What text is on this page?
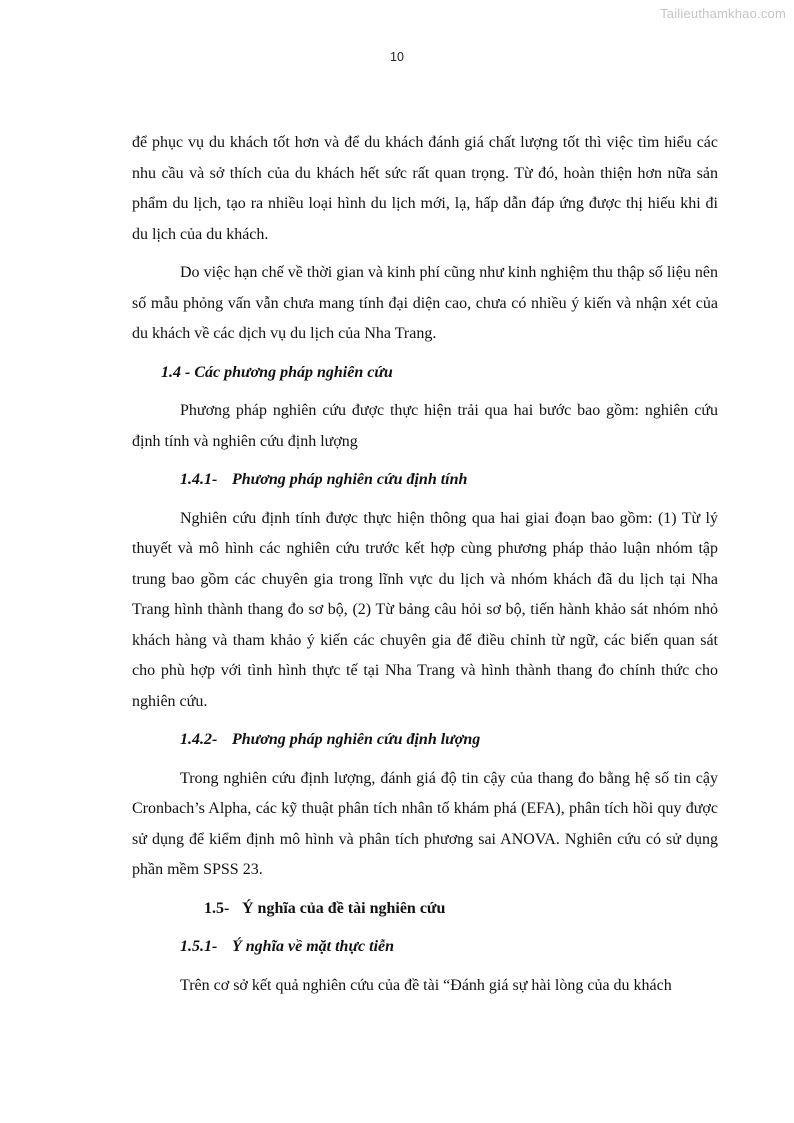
Tailieuthamkhao.com
10

để phục vụ du khách tốt hơn và để du khách đánh giá chất lượng tốt thì việc tìm hiểu các nhu cầu và sở thích của du khách hết sức rất quan trọng. Từ đó, hoàn thiện hơn nữa sản phẩm du lịch, tạo ra nhiều loại hình du lịch mới, lạ, hấp dẫn đáp ứng được thị hiếu khi đi du lịch của du khách.

Do việc hạn chế về thời gian và kinh phí cũng như kinh nghiệm thu thập số liệu nên số mẫu phỏng vấn vẫn chưa mang tính đại diện cao, chưa có nhiều ý kiến và nhận xét của du khách về các dịch vụ du lịch của Nha Trang.

1.4 - Các phương pháp nghiên cứu

Phương pháp nghiên cứu được thực hiện trải qua hai bước bao gồm: nghiên cứu định tính và nghiên cứu định lượng

1.4.1- Phương pháp nghiên cứu định tính

Nghiên cứu định tính được thực hiện thông qua hai giai đoạn bao gồm: (1) Từ lý thuyết và mô hình các nghiên cứu trước kết hợp cùng phương pháp thảo luận nhóm tập trung bao gồm các chuyên gia trong lĩnh vực du lịch và nhóm khách đã du lịch tại Nha Trang hình thành thang đo sơ bộ, (2) Từ bảng câu hỏi sơ bộ, tiến hành khảo sát nhóm nhỏ khách hàng và tham khảo ý kiến các chuyên gia để điều chỉnh từ ngữ, các biến quan sát cho phù hợp với tình hình thực tế tại Nha Trang và hình thành thang đo chính thức cho nghiên cứu.

1.4.2- Phương pháp nghiên cứu định lượng

Trong nghiên cứu định lượng, đánh giá độ tin cậy của thang đo bằng hệ số tin cậy Cronbach’s Alpha, các kỹ thuật phân tích nhân tố khám phá (EFA), phân tích hồi quy được sử dụng để kiểm định mô hình và phân tích phương sai ANOVA. Nghiên cứu có sử dụng phần mềm SPSS 23.

1.5- Ý nghĩa của đề tài nghiên cứu
1.5.1- Ý nghĩa về mặt thực tiễn

Trên cơ sở kết quả nghiên cứu của đề tài “Đánh giá sự hài lòng của du khách
